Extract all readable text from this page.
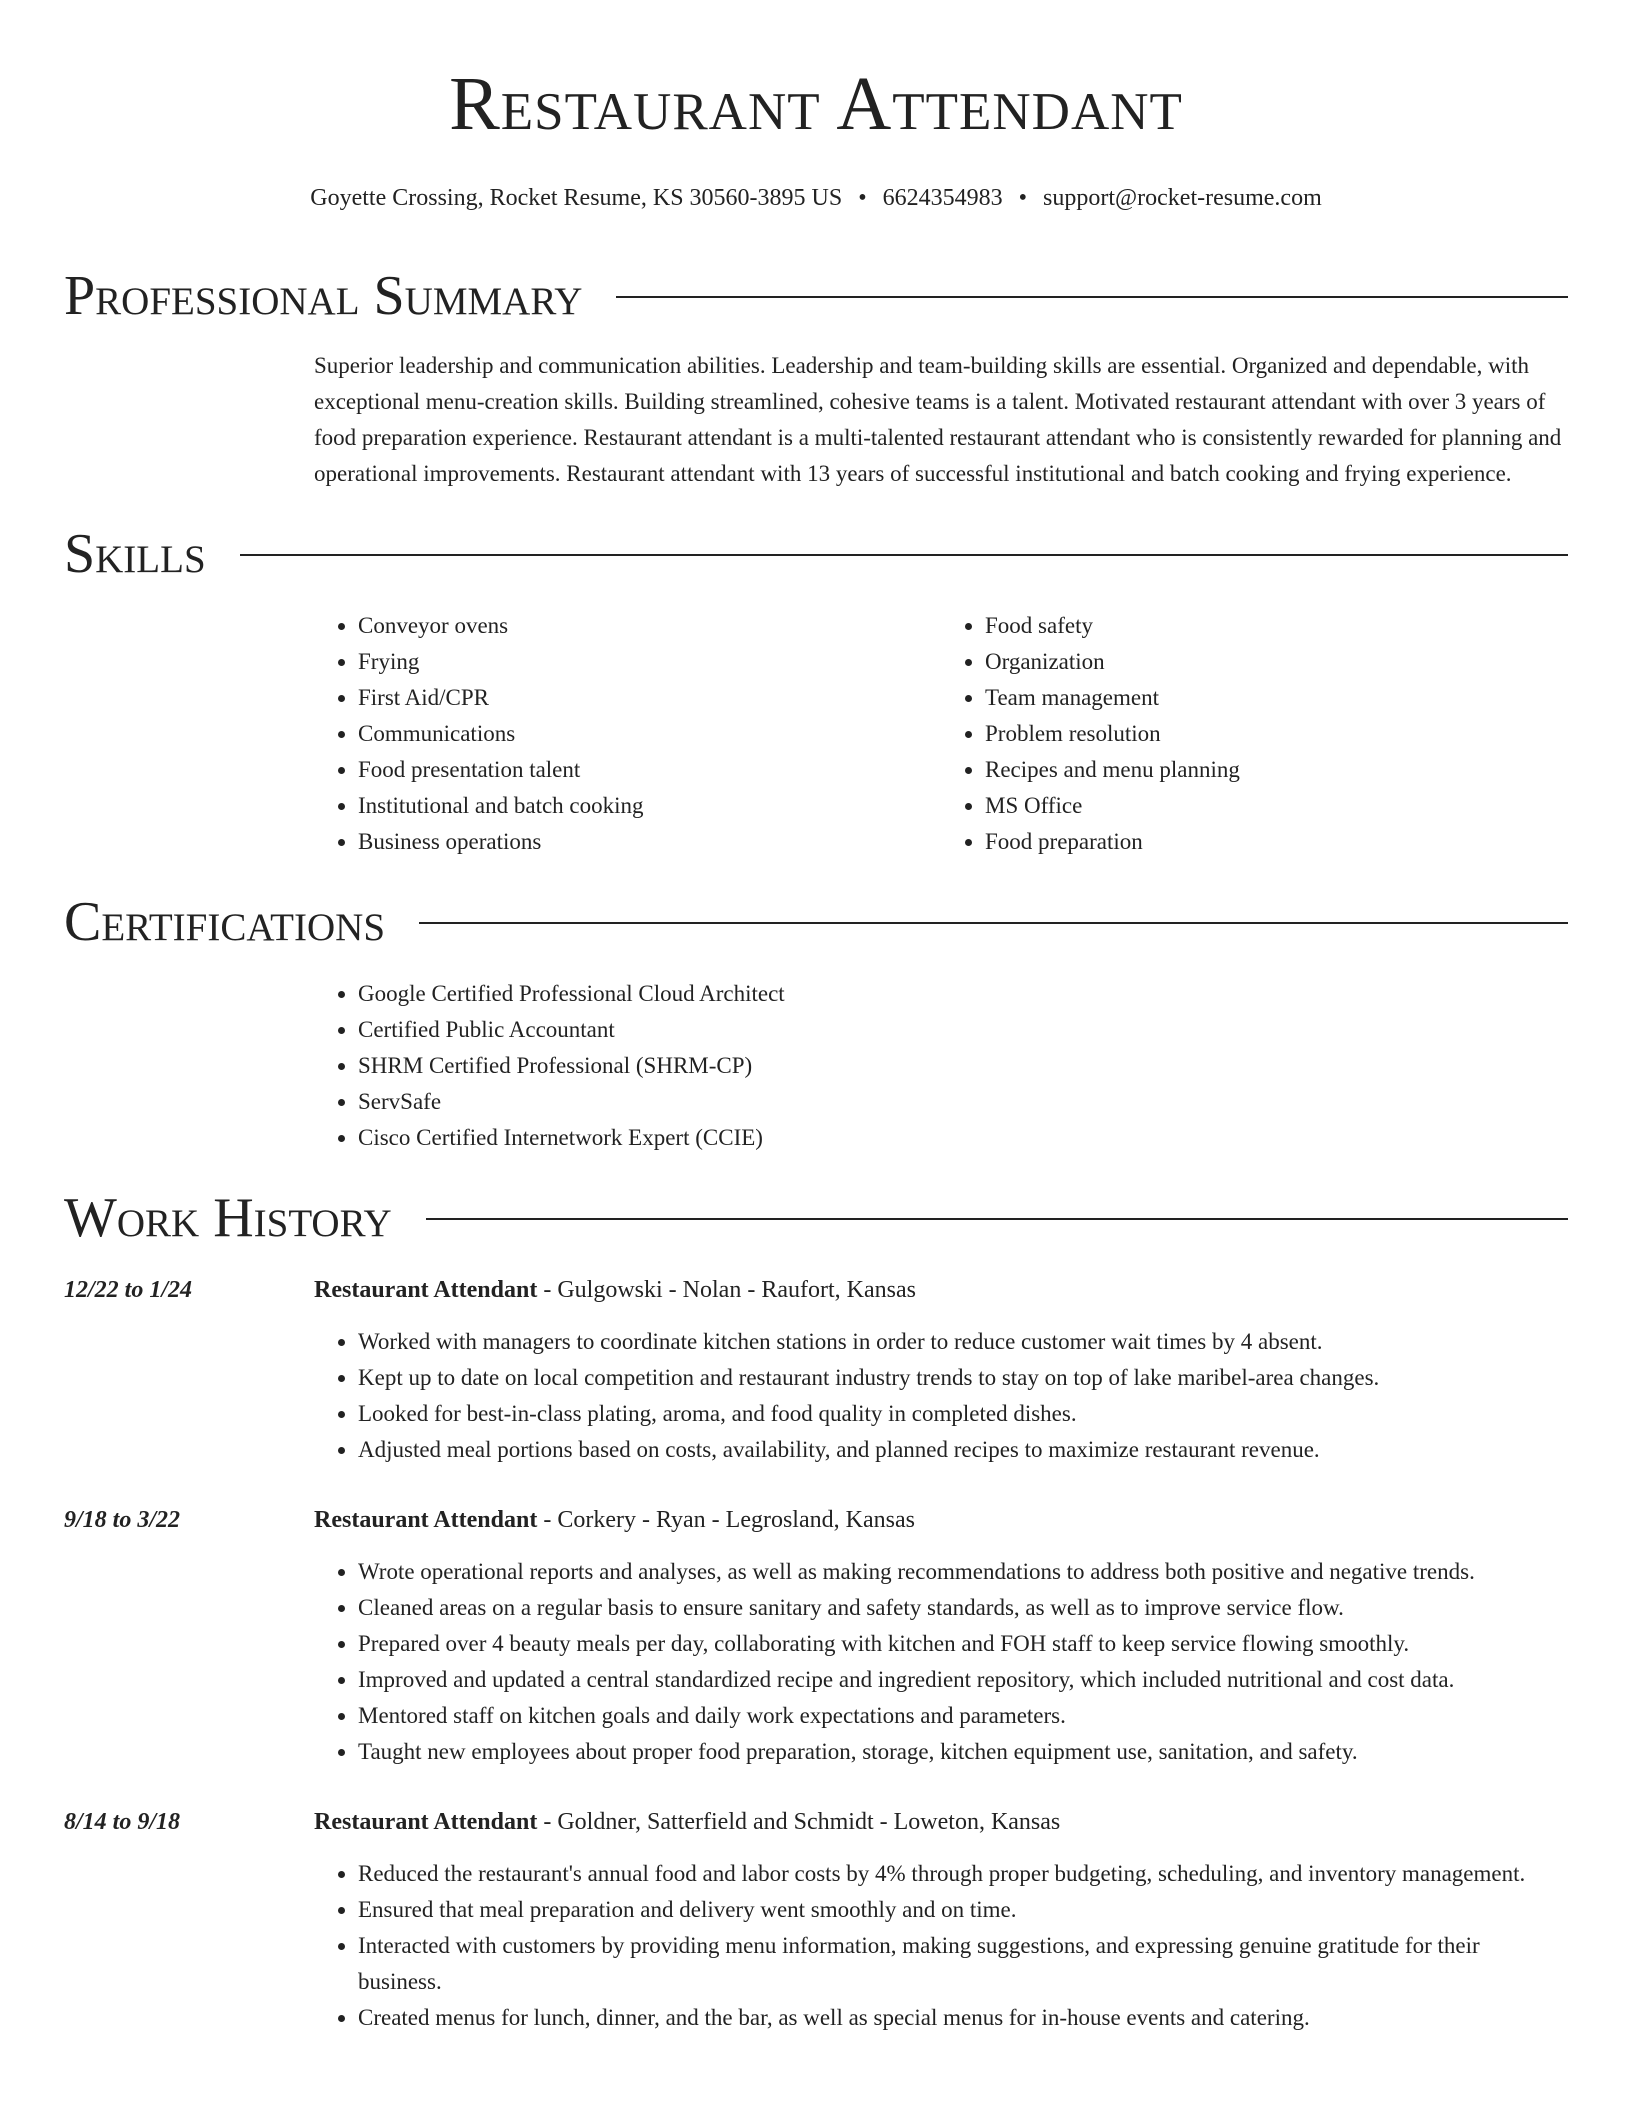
Restaurant Attendant
Goyette Crossing, Rocket Resume, KS 30560-3895 US • 6624354983 • support@rocket-resume.com
Professional Summary

Superior leadership and communication abilities. Leadership and team-building skills are essential. Organized and dependable, with exceptional menu-creation skills. Building streamlined, cohesive teams is a talent. Motivated restaurant attendant with over 3 years of food preparation experience. Restaurant attendant is a multi-talented restaurant attendant who is consistently rewarded for planning and operational improvements. Restaurant attendant with 13 years of successful institutional and batch cooking and frying experience.

Skills
• Conveyor ovens
• Frying
• First Aid/CPR
• Communications
• Food presentation talent
• Institutional and batch cooking
• Business operations
• Food safety
• Organization
• Team management
• Problem resolution
• Recipes and menu planning
• MS Office
• Food preparation
Certifications
• Google Certified Professional Cloud Architect
• Certified Public Accountant
• SHRM Certified Professional (SHRM-CP)
• ServSafe
• Cisco Certified Internetwork Expert (CCIE)
Work History
12/22 to 1/24	Restaurant Attendant - Gulgowski - Nolan - Raufort, Kansas
• Worked with managers to coordinate kitchen stations in order to reduce customer wait times by 4 absent.
• Kept up to date on local competition and restaurant industry trends to stay on top of lake maribel-area changes.
• Looked for best-in-class plating, aroma, and food quality in completed dishes.
• Adjusted meal portions based on costs, availability, and planned recipes to maximize restaurant revenue.
9/18 to 3/22	Restaurant Attendant - Corkery - Ryan - Legrosland, Kansas
• Wrote operational reports and analyses, as well as making recommendations to address both positive and negative trends.
• Cleaned areas on a regular basis to ensure sanitary and safety standards, as well as to improve service flow.
• Prepared over 4 beauty meals per day, collaborating with kitchen and FOH staff to keep service flowing smoothly.
• Improved and updated a central standardized recipe and ingredient repository, which included nutritional and cost data.
• Mentored staff on kitchen goals and daily work expectations and parameters.
• Taught new employees about proper food preparation, storage, kitchen equipment use, sanitation, and safety.
8/14 to 9/18	Restaurant Attendant - Goldner, Satterfield and Schmidt - Loweton, Kansas
• Reduced the restaurant's annual food and labor costs by 4% through proper budgeting, scheduling, and inventory management.
• Ensured that meal preparation and delivery went smoothly and on time.
• Interacted with customers by providing menu information, making suggestions, and expressing genuine gratitude for their business.
• Created menus for lunch, dinner, and the bar, as well as special menus for in-house events and catering.
